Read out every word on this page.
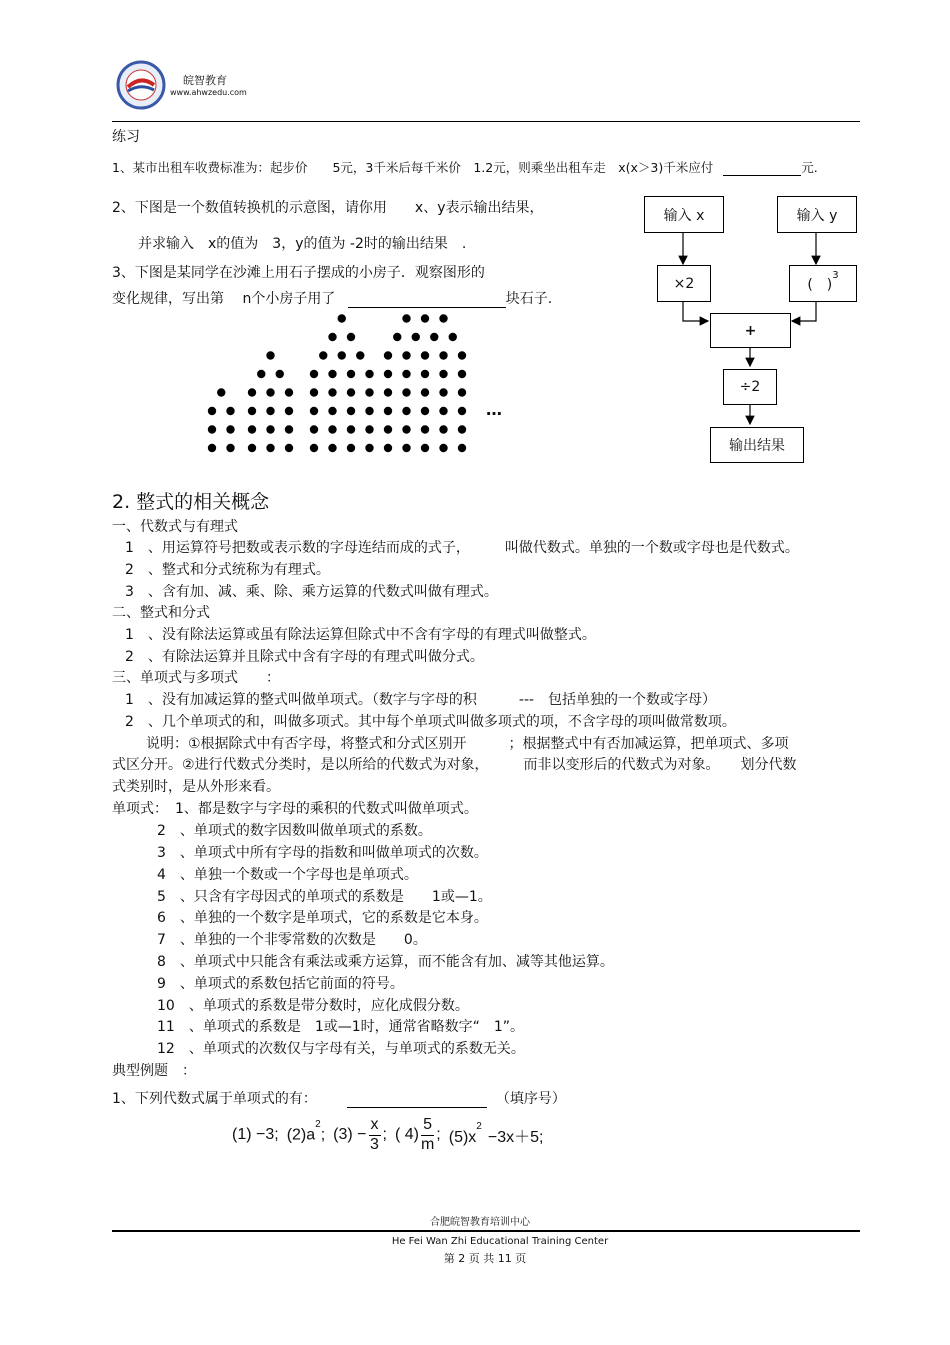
皖智教育
www.ahwzedu.com
练习
1、某市出租车收费标准为：起步价　　5元，3千米后每千米价　1.2元，则乘坐出租车走　x(x＞3)千米应付	元.
2、下图是一个数值转换机的示意图，请你用　　x、y表示输出结果，
并求输入　x的值为　3，y的值为 -2时的输出结果　.
3、下图是某同学在沙滩上用石子摆成的小房子．观察图形的
变化规律，写出第　 n个小房子用了	块石子.
…
输入 x	输入 y
×2	(　)
$^3$
+
÷2
输出结果
2. 整式的相关概念
一、代数式与有理式
1　、用运算符号把数或表示数的字母连结而成的式子，　　　叫做代数式。单独的一个数或字母也是代数式。
2　、整式和分式统称为有理式。
3　、含有加、减、乘、除、乘方运算的代数式叫做有理式。
二、整式和分式
1　、没有除法运算或虽有除法运算但除式中不含有字母的有理式叫做整式。
2　、有除法运算并且除式中含有字母的有理式叫做分式。
三、单项式与多项式　　：
1　、没有加减运算的整式叫做单项式。（数字与字母的积　　　---　包括单独的一个数或字母）
2　、几个单项式的和，叫做多项式。其中每个单项式叫做多项式的项，不含字母的项叫做常数项。
说明：①根据除式中有否字母，将整式和分式区别开　　　；根据整式中有否加减运算，把单项式、多项
式区分开。②进行代数式分类时，是以所给的代数式为对象，　　　而非以变形后的代数式为对象。　　划分代数
式类别时，是从外形来看。
单项式：　1、都是数字与字母的乘积的代数式叫做单项式。
2　、单项式的数字因数叫做单项式的系数。
3　、单项式中所有字母的指数和叫做单项式的次数。
4　、单独一个数或一个字母也是单项式。
5　、只含有字母因式的单项式的系数是　　1或—1。
6　、单独的一个数字是单项式，它的系数是它本身。
7　、单独的一个非零常数的次数是　　0。
8　、单项式中只能含有乘法或乘方运算，而不能含有加、减等其他运算。
9　、单项式的系数包括它前面的符号。
10　、单项式的系数是带分数时，应化成假分数。
11　、单项式的系数是　1或—1时，通常省略数字“　1”。
12　、单项式的次数仅与字母有关，与单项式的系数无关。
典型例题　：
1、下列代数式属于单项式的有：	（填序号）
(1) −3; $(2)a^2$; $(3) - \frac{x}{3}$ ; ( $4) \frac{5}{m}$ ; $(5)x^2-3x+5$;
合肥皖智教育培训中心
He Fei Wan Zhi Educational Training Center
第 2 页 共 11 页
